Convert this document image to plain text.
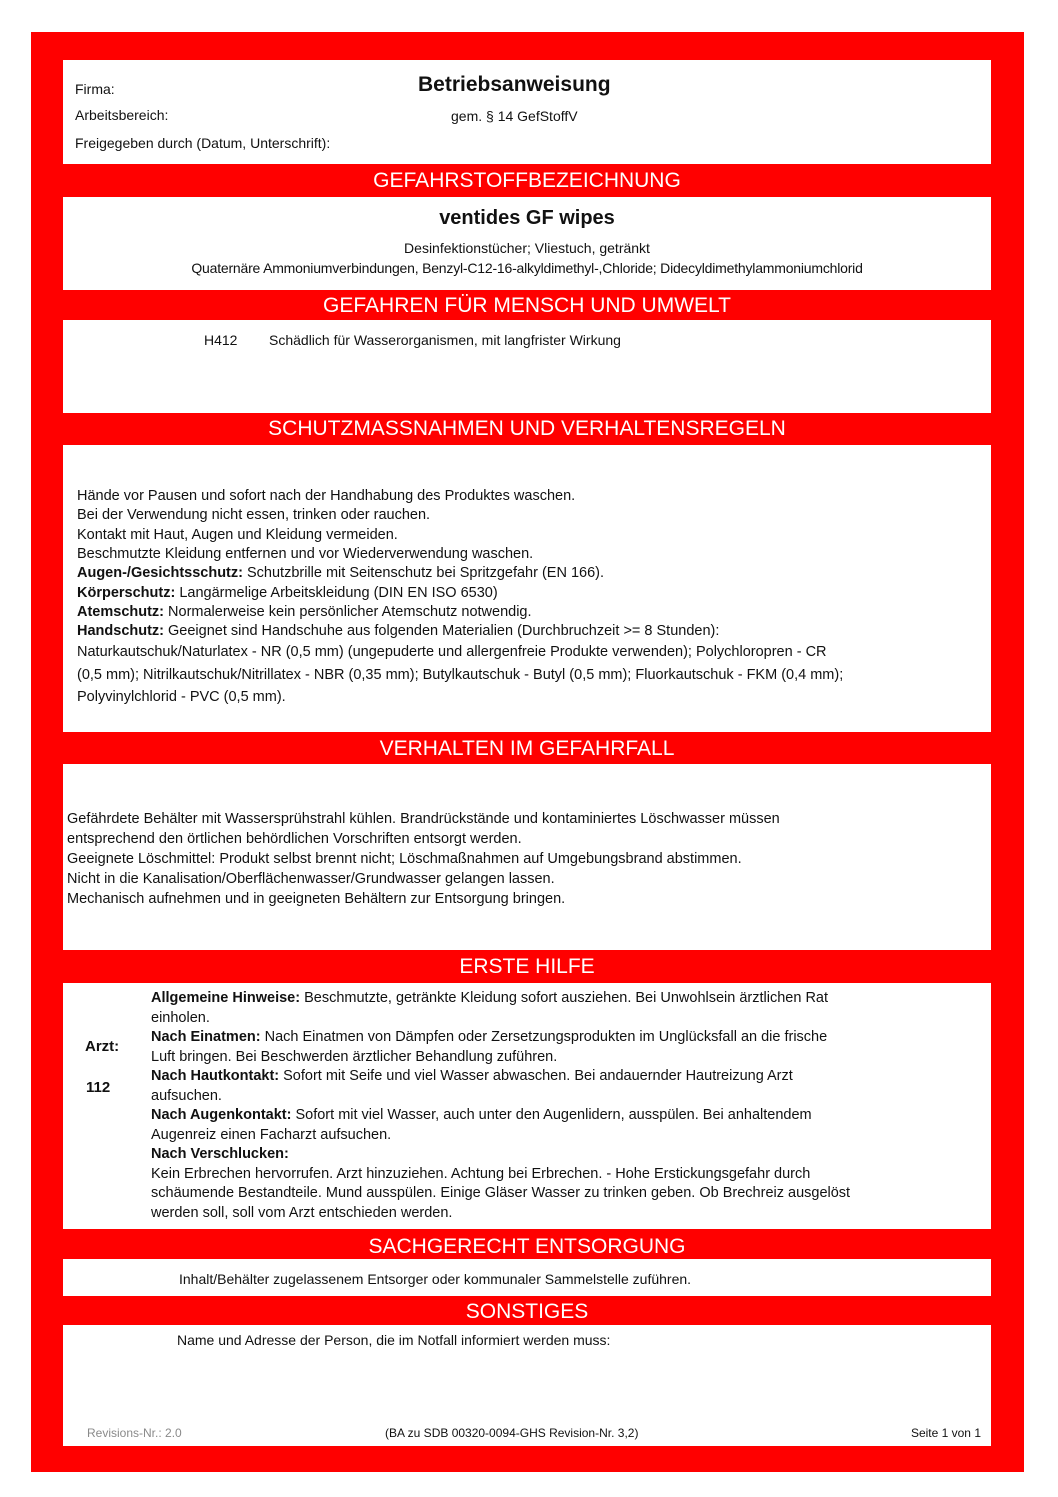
Firma:
Arbeitsbereich:
Freigegeben durch (Datum, Unterschrift):
Betriebsanweisung
gem. § 14 GefStoffV
GEFAHRSTOFFBEZEICHNUNG
ventides GF wipes
Desinfektionstücher; Vliestuch, getränkt
Quaternäre Ammoniumverbindungen, Benzyl-C12-16-alkyldimethyl-,Chloride; Didecyldimethylammoniumchlorid
GEFAHREN FÜR MENSCH UND UMWELT
H412 Schädlich für Wasserorganismen, mit langfrister Wirkung
SCHUTZMASSNAHMEN UND VERHALTENSREGELN
Hände vor Pausen und sofort nach der Handhabung des Produktes waschen.
Bei der Verwendung nicht essen, trinken oder rauchen.
Kontakt mit Haut, Augen und Kleidung vermeiden.
Beschmutzte Kleidung entfernen und vor Wiederverwendung waschen.
Augen-/Gesichtsschutz: Schutzbrille mit Seitenschutz bei Spritzgefahr (EN 166).
Körperschutz: Langärmelige Arbeitskleidung (DIN EN ISO 6530)
Atemschutz: Normalerweise kein persönlicher Atemschutz notwendig.
Handschutz: Geeignet sind Handschuhe aus folgenden Materialien (Durchbruchzeit >= 8 Stunden):
Naturkautschuk/Naturlatex - NR (0,5 mm) (ungepuderte und allergenfreie Produkte verwenden); Polychloropren - CR
(0,5 mm); Nitrilkautschuk/Nitrillatex - NBR (0,35 mm); Butylkautschuk - Butyl (0,5 mm); Fluorkautschuk - FKM (0,4 mm);
Polyvinylchlorid - PVC (0,5 mm).
VERHALTEN IM GEFAHRFALL
Gefährdete Behälter mit Wassersprühstrahl kühlen. Brandrückstände und kontaminiertes Löschwasser müssen
entsprechend den örtlichen behördlichen Vorschriften entsorgt werden.
Geeignete Löschmittel: Produkt selbst brennt nicht; Löschmaßnahmen auf Umgebungsbrand abstimmen.
Nicht in die Kanalisation/Oberflächenwasser/Grundwasser gelangen lassen.
Mechanisch aufnehmen und in geeigneten Behältern zur Entsorgung bringen.
ERSTE HILFE
Arzt:
112
Allgemeine Hinweise: Beschmutzte, getränkte Kleidung sofort ausziehen. Bei Unwohlsein ärztlichen Rat
einholen.
Nach Einatmen: Nach Einatmen von Dämpfen oder Zersetzungsprodukten im Unglücksfall an die frische
Luft bringen. Bei Beschwerden ärztlicher Behandlung zuführen.
Nach Hautkontakt: Sofort mit Seife und viel Wasser abwaschen. Bei andauernder Hautreizung Arzt
aufsuchen.
Nach Augenkontakt: Sofort mit viel Wasser, auch unter den Augenlidern, ausspülen. Bei anhaltendem
Augenreiz einen Facharzt aufsuchen.
Nach Verschlucken:
Kein Erbrechen hervorrufen. Arzt hinzuziehen. Achtung bei Erbrechen. - Hohe Erstickungsgefahr durch
schäumende Bestandteile. Mund ausspülen. Einige Gläser Wasser zu trinken geben. Ob Brechreiz ausgelöst
werden soll, soll vom Arzt entschieden werden.
SACHGERECHT ENTSORGUNG
Inhalt/Behälter zugelassenem Entsorger oder kommunaler Sammelstelle zuführen.
SONSTIGES
Name und Adresse der Person, die im Notfall informiert werden muss:
Revisions-Nr.: 2.0	(BA zu SDB 00320-0094-GHS Revision-Nr. 3,2)	Seite 1 von 1
